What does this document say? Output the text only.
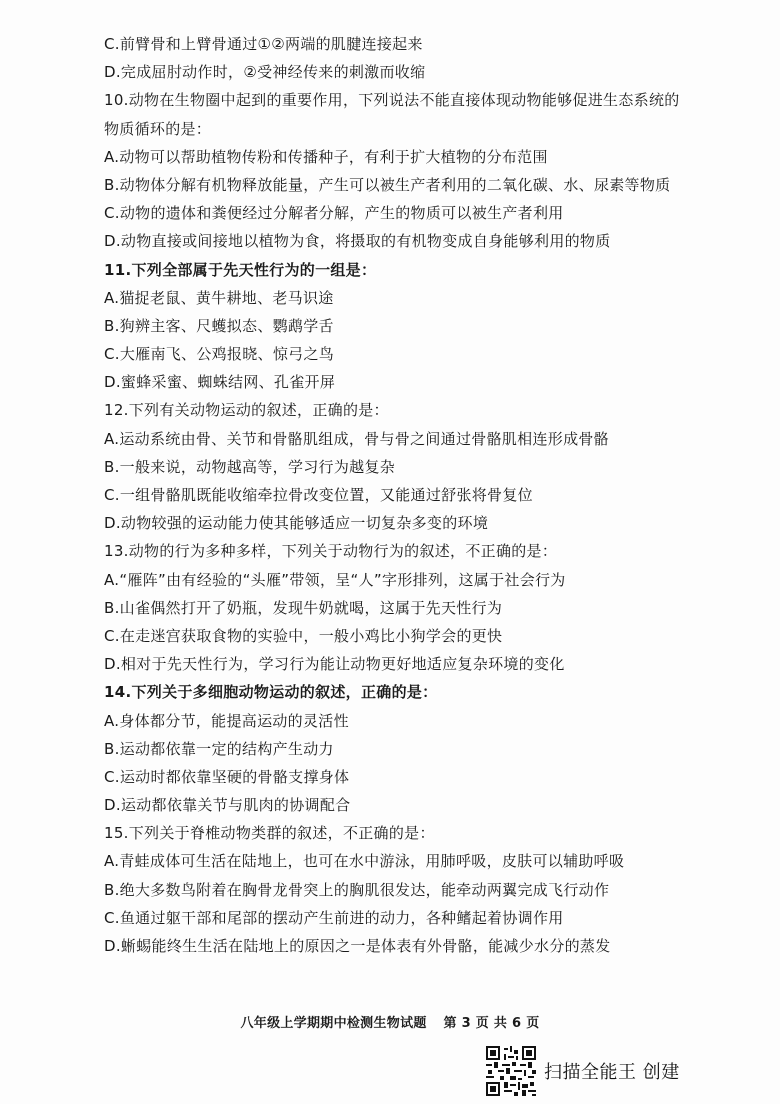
C.前臂骨和上臂骨通过①②两端的肌腱连接起来
D.完成屈肘动作时，②受神经传来的刺激而收缩
10.动物在生物圈中起到的重要作用，下列说法不能直接体现动物能够促进生态系统的
物质循环的是：
A.动物可以帮助植物传粉和传播种子，有利于扩大植物的分布范围
B.动物体分解有机物释放能量，产生可以被生产者利用的二氧化碳、水、尿素等物质
C.动物的遗体和粪便经过分解者分解，产生的物质可以被生产者利用
D.动物直接或间接地以植物为食，将摄取的有机物变成自身能够利用的物质
11.下列全部属于先天性行为的一组是：
A.猫捉老鼠、黄牛耕地、老马识途
B.狗辨主客、尺蠖拟态、鹦鹉学舌
C.大雁南飞、公鸡报晓、惊弓之鸟
D.蜜蜂采蜜、蜘蛛结网、孔雀开屏
12.下列有关动物运动的叙述，正确的是：
A.运动系统由骨、关节和骨骼肌组成，骨与骨之间通过骨骼肌相连形成骨骼
B.一般来说，动物越高等，学习行为越复杂
C.一组骨骼肌既能收缩牵拉骨改变位置，又能通过舒张将骨复位
D.动物较强的运动能力使其能够适应一切复杂多变的环境
13.动物的行为多种多样，下列关于动物行为的叙述，不正确的是：
A.“雁阵”由有经验的“头雁”带领，呈“人”字形排列，这属于社会行为
B.山雀偶然打开了奶瓶，发现牛奶就喝，这属于先天性行为
C.在走迷宫获取食物的实验中，一般小鸡比小狗学会的更快
D.相对于先天性行为，学习行为能让动物更好地适应复杂环境的变化
14.下列关于多细胞动物运动的叙述，正确的是：
A.身体都分节，能提高运动的灵活性
B.运动都依靠一定的结构产生动力
C.运动时都依靠坚硬的骨骼支撑身体
D.运动都依靠关节与肌肉的协调配合
15.下列关于脊椎动物类群的叙述，不正确的是：
A.青蛙成体可生活在陆地上，也可在水中游泳，用肺呼吸，皮肤可以辅助呼吸
B.绝大多数鸟附着在胸骨龙骨突上的胸肌很发达，能牵动两翼完成飞行动作
C.鱼通过躯干部和尾部的摆动产生前进的动力，各种鳍起着协调作用
D.蜥蜴能终生生活在陆地上的原因之一是体表有外骨骼，能减少水分的蒸发
八年级上学期期中检测生物试题 第 3 页 共 6 页
扫描全能王 创建
